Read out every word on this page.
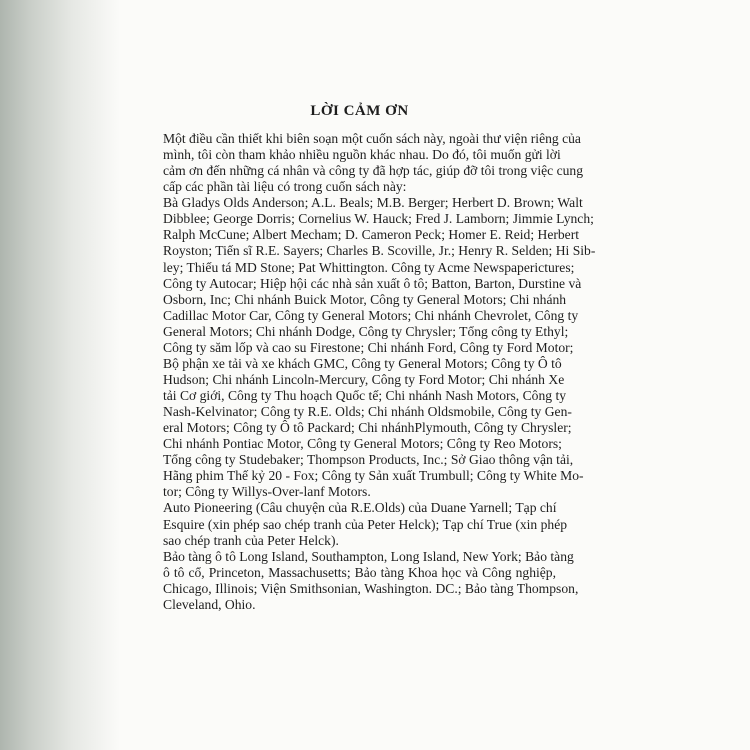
LỜI CẢM ƠN
Một điều cần thiết khi biên soạn một cuốn sách này, ngoài thư viện riêng của
mình, tôi còn tham khảo nhiều nguồn khác nhau. Do đó, tôi muốn gửi lời
cảm ơn đến những cá nhân và công ty đã hợp tác, giúp đỡ tôi trong việc cung
cấp các phần tài liệu có trong cuốn sách này:
Bà Gladys Olds Anderson; A.L. Beals; M.B. Berger; Herbert D. Brown; Walt
Dibblee; George Dorris; Cornelius W. Hauck; Fred J. Lamborn; Jimmie Lynch;
Ralph McCune; Albert Mecham; D. Cameron Peck; Homer E. Reid; Herbert
Royston; Tiến sĩ R.E. Sayers; Charles B. Scoville, Jr.; Henry R. Selden; Hi Sib-
ley; Thiếu tá MD Stone; Pat Whittington. Công ty Acme Newspaperictures;
Công ty Autocar; Hiệp hội các nhà sản xuất ô tô; Batton, Barton, Durstine và
Osborn, Inc; Chi nhánh Buick Motor, Công ty General Motors; Chi nhánh
Cadillac Motor Car, Công ty General Motors; Chi nhánh Chevrolet, Công ty
General Motors; Chi nhánh Dodge, Công ty Chrysler; Tổng công ty Ethyl;
Công ty săm lốp và cao su Firestone; Chi nhánh Ford, Công ty Ford Motor;
Bộ phận xe tải và xe khách GMC, Công ty General Motors; Công ty Ô tô
Hudson; Chi nhánh Lincoln-Mercury, Công ty Ford Motor; Chi nhánh Xe
tải Cơ giới, Công ty Thu hoạch Quốc tế; Chi nhánh Nash Motors, Công ty
Nash-Kelvinator; Công ty R.E. Olds; Chi nhánh Oldsmobile, Công ty Gen-
eral Motors; Công ty Ô tô Packard; Chi nhánhPlymouth, Công ty Chrysler;
Chi nhánh Pontiac Motor, Công ty General Motors; Công ty Reo Motors;
Tổng công ty Studebaker; Thompson Products, Inc.; Sở Giao thông vận tải,
Hãng phim Thế kỷ 20 - Fox; Công ty Sản xuất Trumbull; Công ty White Mo-
tor; Công ty Willys-Over-lanf Motors.
Auto Pioneering (Câu chuyện của R.E.Olds) của Duane Yarnell; Tạp chí
Esquire (xin phép sao chép tranh của Peter Helck); Tạp chí True (xin phép
sao chép tranh của Peter Helck).
Bảo tàng ô tô Long Island, Southampton, Long Island, New York; Bảo tàng
ô tô cổ, Princeton, Massachusetts; Bảo tàng Khoa học và Công nghiệp,
Chicago, Illinois; Viện Smithsonian, Washington. DC.; Bảo tàng Thompson,
Cleveland, Ohio.
